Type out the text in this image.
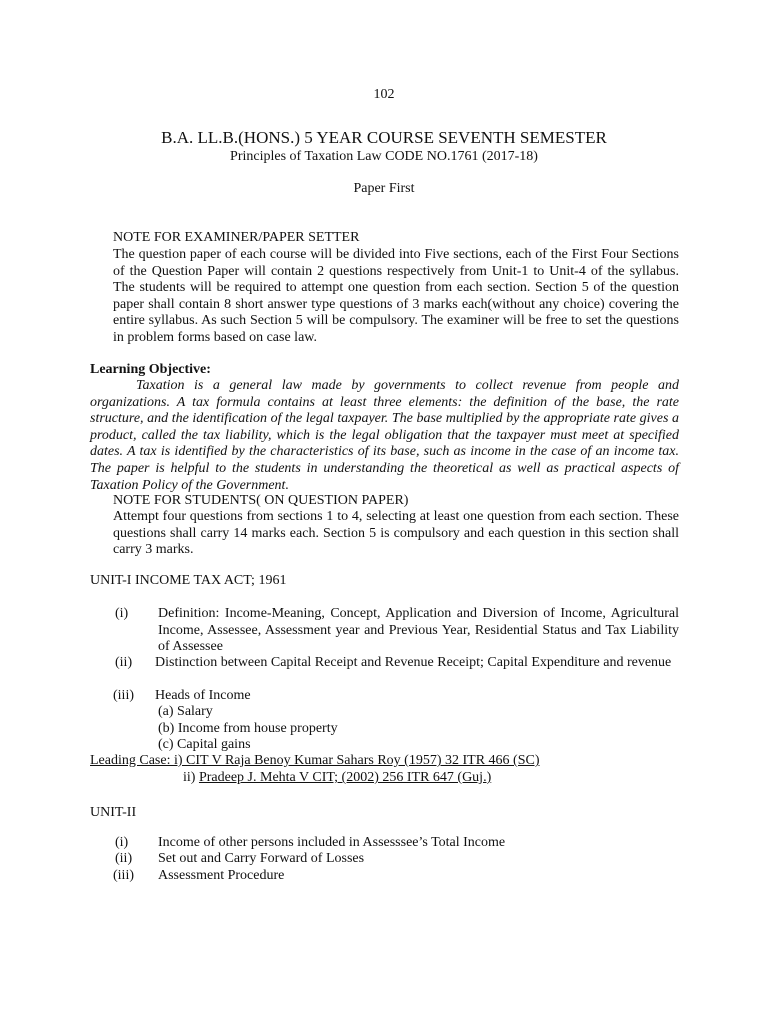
102
B.A. LL.B.(HONS.) 5 YEAR COURSE SEVENTH SEMESTER
Principles of Taxation Law CODE NO.1761 (2017-18)
Paper First
NOTE FOR EXAMINER/PAPER SETTER
The question paper of each course will be divided into Five sections, each of the First Four Sections of the Question Paper will contain 2 questions respectively from Unit-1 to Unit-4 of the syllabus. The students will be required to attempt one question from each section. Section 5 of the question paper shall contain 8 short answer type questions of 3 marks each(without any choice) covering the entire syllabus. As such Section 5 will be compulsory. The examiner will be free to set the questions in problem forms based on case law.
Learning Objective:
Taxation is a general law made by governments to collect revenue from people and organizations. A tax formula contains at least three elements: the definition of the base, the rate structure, and the identification of the legal taxpayer. The base multiplied by the appropriate rate gives a product, called the tax liability, which is the legal obligation that the taxpayer must meet at specified dates. A tax is identified by the characteristics of its base, such as income in the case of an income tax. The paper is helpful to the students in understanding the theoretical as well as practical aspects of Taxation Policy of the Government.
NOTE FOR STUDENTS( ON QUESTION PAPER)
Attempt four questions from sections 1 to 4, selecting at least one question from each section. These questions shall carry 14 marks each. Section 5 is compulsory and each question in this section shall carry 3 marks.
UNIT-I INCOME TAX ACT; 1961
(i) Definition: Income-Meaning, Concept, Application and Diversion of Income, Agricultural Income, Assessee, Assessment year and Previous Year, Residential Status and Tax Liability of Assessee
(ii) Distinction between Capital Receipt and Revenue Receipt; Capital Expenditure and revenue
(iii) Heads of Income
(a) Salary
(b) Income from house property
(c) Capital gains
Leading Case: i) CIT V Raja Benoy Kumar Sahars Roy (1957) 32 ITR 466 (SC)
ii) Pradeep J. Mehta V CIT; (2002) 256 ITR 647 (Guj.)
UNIT-II
(i) Income of other persons included in Assesssee’s Total Income
(ii) Set out and Carry Forward of Losses
(iii) Assessment Procedure
